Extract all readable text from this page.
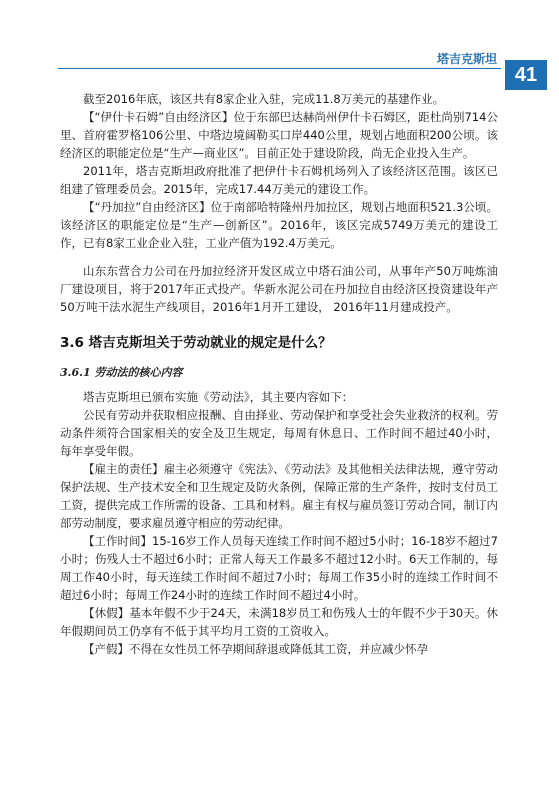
塔吉克斯坦
41

截至2016年底，该区共有8家企业入驻，完成11.8万美元的基建作业。

【“伊什卡石姆”自由经济区】位于东部巴达赫尚州伊什卡石姆区，距杜尚别714公里、首府霍罗格106公里、中塔边境阔勒买口岸440公里，规划占地面积200公顷。该经济区的职能定位是“生产—商业区”。目前正处于建设阶段，尚无企业投入生产。

2011年，塔吉克斯坦政府批准了把伊什卡石姆机场列入了该经济区范围。该区已组建了管理委员会。2015年，完成17.44万美元的建设工作。

【“丹加拉”自由经济区】位于南部哈特隆州丹加拉区，规划占地面积521.3公顷。该经济区的职能定位是“生产—创新区”。2016年，该区完成5749万美元的建设工作，已有8家工业企业入驻，工业产值为192.4万美元。

山东东营合力公司在丹加拉经济开发区成立中塔石油公司，从事年产50万吨炼油厂建设项目，将于2017年正式投产。华新水泥公司在丹加拉自由经济区投资建设年产50万吨干法水泥生产线项目，2016年1月开工建设， 2016年11月建成投产。

3.6 塔吉克斯坦关于劳动就业的规定是什么？
3.6.1 劳动法的核心内容

塔吉克斯坦已颁布实施《劳动法》，其主要内容如下：

公民有劳动并获取相应报酬、自由择业、劳动保护和享受社会失业救济的权利。劳动条件须符合国家相关的安全及卫生规定，每周有休息日、工作时间不超过40小时，每年享受年假。

【雇主的责任】雇主必须遵守《宪法》、《劳动法》及其他相关法律法规，遵守劳动保护法规、生产技术安全和卫生规定及防火条例，保障正常的生产条件，按时支付员工工资，提供完成工作所需的设备、工具和材料。雇主有权与雇员签订劳动合同，制订内部劳动制度，要求雇员遵守相应的劳动纪律。

【工作时间】15-16岁工作人员每天连续工作时间不超过5小时；16-18岁不超过7小时；伤残人士不超过6小时；正常人每天工作最多不超过12小时。6天工作制的，每周工作40小时，每天连续工作时间不超过7小时；每周工作35小时的连续工作时间不超过6小时；每周工作24小时的连续工作时间不超过4小时。

【休假】基本年假不少于24天，未满18岁员工和伤残人士的年假不少于30天。休年假期间员工仍享有不低于其平均月工资的工资收入。

【产假】不得在女性员工怀孕期间辞退或降低其工资，并应减少怀孕
